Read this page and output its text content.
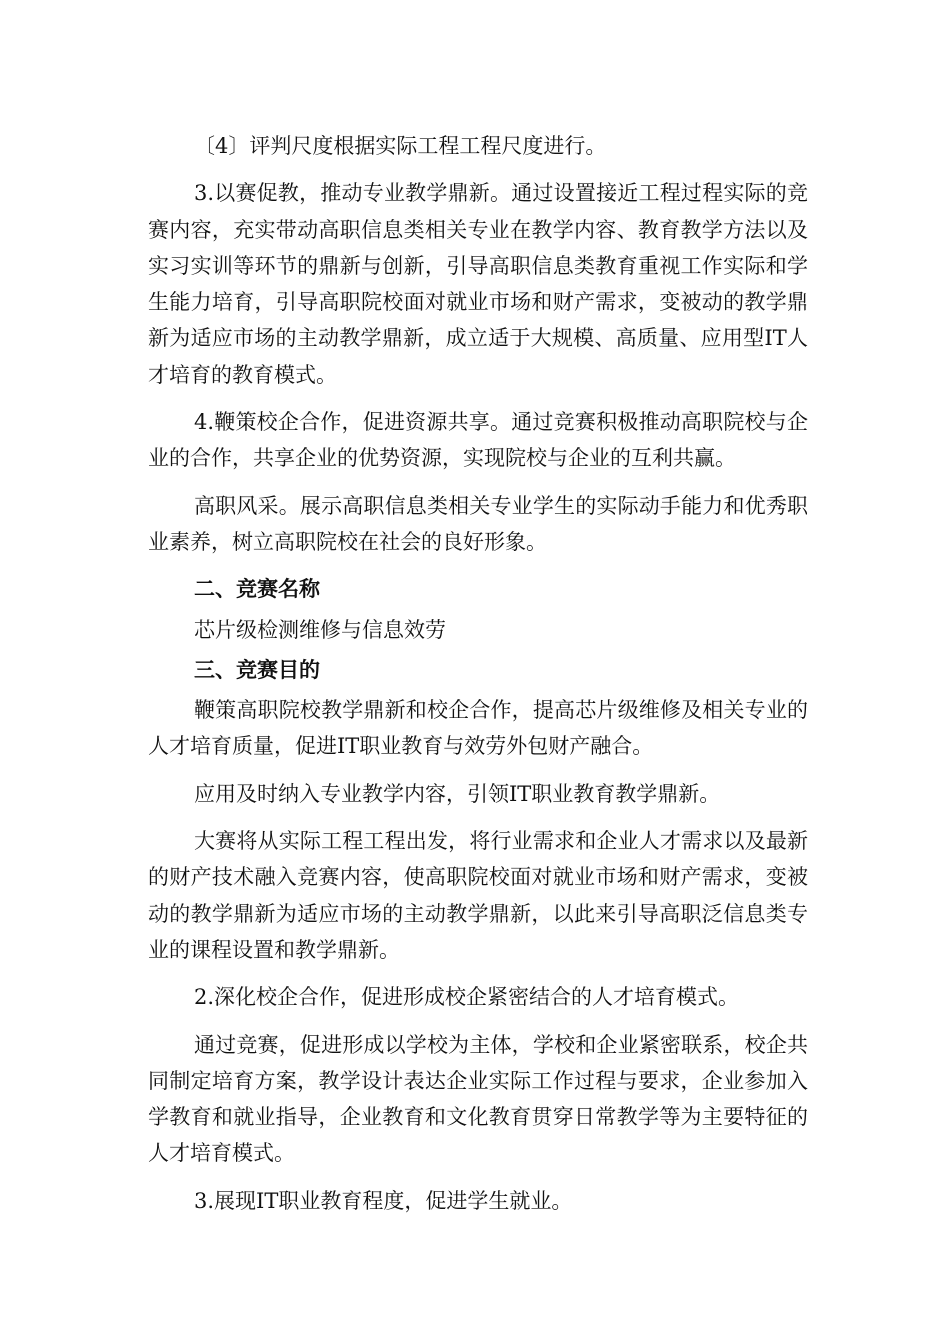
〔4〕评判尺度根据实际工程工程尺度进行。

3.以赛促教，推动专业教学鼎新。通过设置接近工程过程实际的竞赛内容，充实带动高职信息类相关专业在教学内容、教育教学方法以及实习实训等环节的鼎新与创新，引导高职信息类教育重视工作实际和学生能力培育，引导高职院校面对就业市场和财产需求，变被动的教学鼎新为适应市场的主动教学鼎新，成立适于大规模、高质量、应用型IT人才培育的教育模式。

4.鞭策校企合作，促进资源共享。通过竞赛积极推动高职院校与企业的合作，共享企业的优势资源，实现院校与企业的互利共赢。

高职风采。展示高职信息类相关专业学生的实际动手能力和优秀职业素养，树立高职院校在社会的良好形象。

二、竞赛名称

芯片级检测维修与信息效劳

三、竞赛目的

鞭策高职院校教学鼎新和校企合作，提高芯片级维修及相关专业的人才培育质量，促进IT职业教育与效劳外包财产融合。

应用及时纳入专业教学内容，引领IT职业教育教学鼎新。

大赛将从实际工程工程出发，将行业需求和企业人才需求以及最新的财产技术融入竞赛内容，使高职院校面对就业市场和财产需求，变被动的教学鼎新为适应市场的主动教学鼎新，以此来引导高职泛信息类专业的课程设置和教学鼎新。

2.深化校企合作，促进形成校企紧密结合的人才培育模式。

通过竞赛，促进形成以学校为主体，学校和企业紧密联系，校企共同制定培育方案，教学设计表达企业实际工作过程与要求，企业参加入学教育和就业指导，企业教育和文化教育贯穿日常教学等为主要特征的人才培育模式。

3.展现IT职业教育程度，促进学生就业。
